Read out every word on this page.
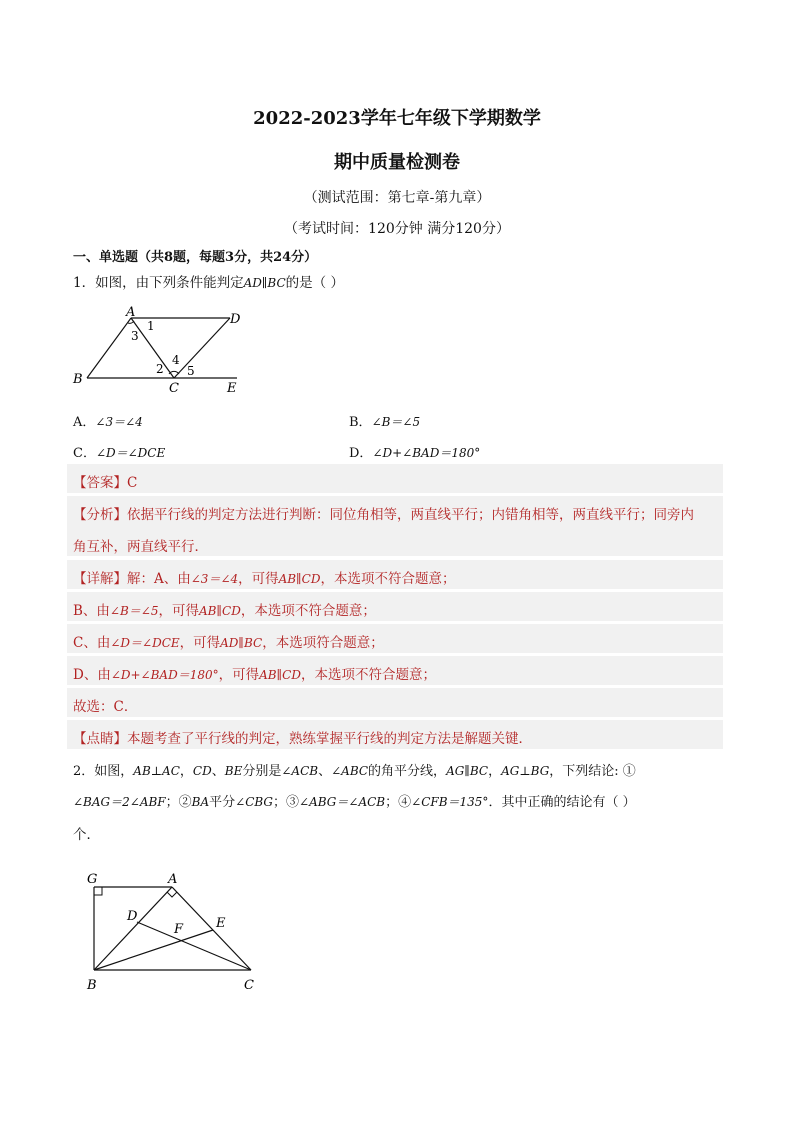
2022-2023学年七年级下学期数学
期中质量检测卷
（测试范围：第七章-第九章）
（考试时间：120分钟 满分120分）
一、单选题（共8题，每题3分，共24分）
1．如图，由下列条件能判定AD∥BC的是（ ）
A	D
B
C	E
1
3
4
2 5
A．∠3＝∠4	B．∠B＝∠5
C．∠D＝∠DCE	D．∠D+∠BAD＝180°
【答案】C
【分析】依据平行线的判定方法进行判断：同位角相等，两直线平行；内错角相等，两直线平行；同旁内
角互补，两直线平行．
【详解】解：A、由∠3＝∠4，可得AB∥CD，本选项不符合题意；
B、由∠B＝∠5，可得AB∥CD，本选项不符合题意；
C、由∠D＝∠DCE，可得AD∥BC，本选项符合题意；
D、由∠D+∠BAD＝180°，可得AB∥CD，本选项不符合题意；
故选：C．
【点睛】本题考查了平行线的判定，熟练掌握平行线的判定方法是解题关键．
2．如图，AB⊥AC，CD、BE分别是∠ACB、∠ABC的角平分线，AG∥BC，AG⊥BG，下列结论: ①
∠BAG＝2∠ABF；②BA平分∠CBG；③∠ABG＝∠ACB；④∠CFB＝135°．其中正确的结论有（ ）
个．
G	A
D	E
F
B	C
